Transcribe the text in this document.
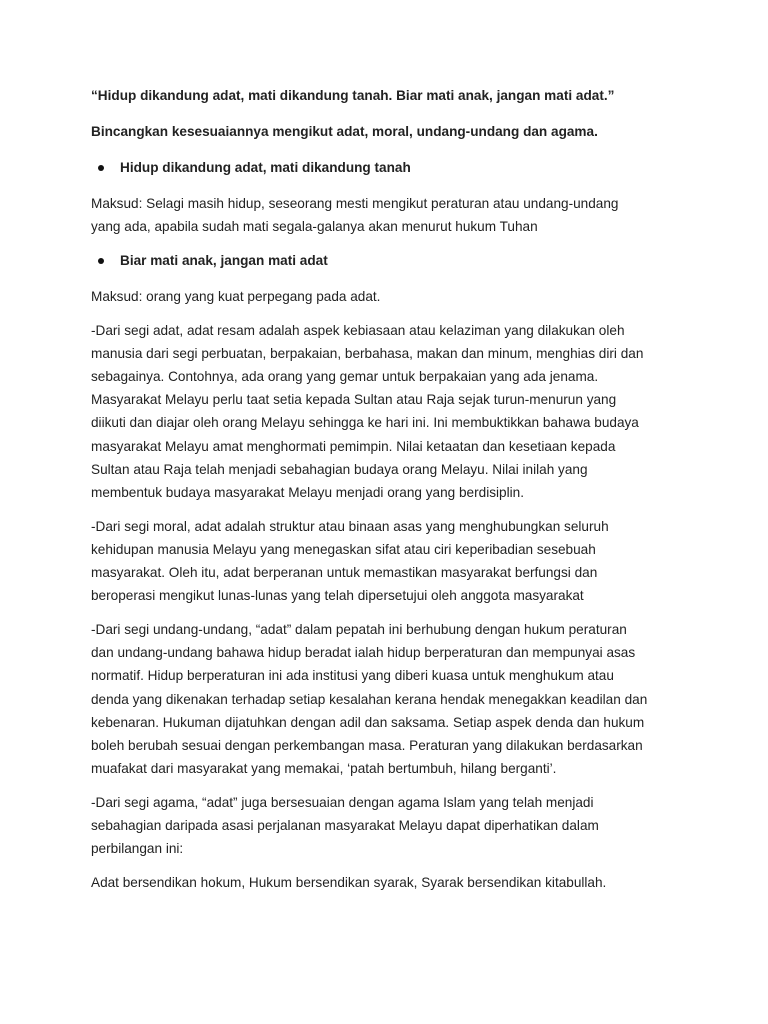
“Hidup dikandung adat, mati dikandung tanah. Biar mati anak, jangan mati adat.”
Bincangkan kesesuaiannya mengikut adat, moral, undang-undang dan agama.
Hidup dikandung adat, mati dikandung tanah
Maksud: Selagi masih hidup, seseorang mesti mengikut peraturan atau undang-undang
yang ada, apabila sudah mati segala-galanya akan menurut hukum Tuhan
Biar mati anak, jangan mati adat
Maksud: orang yang kuat perpegang pada adat.
-Dari segi adat, adat resam adalah aspek kebiasaan atau kelaziman yang dilakukan oleh
manusia dari segi perbuatan, berpakaian, berbahasa, makan dan minum, menghias diri dan
sebagainya. Contohnya, ada orang yang gemar untuk berpakaian yang ada jenama.
Masyarakat Melayu perlu taat setia kepada Sultan atau Raja sejak turun-menurun yang
diikuti dan diajar oleh orang Melayu sehingga ke hari ini. Ini membuktikkan bahawa budaya
masyarakat Melayu amat menghormati pemimpin. Nilai ketaatan dan kesetiaan kepada
Sultan atau Raja telah menjadi sebahagian budaya orang Melayu. Nilai inilah yang
membentuk budaya masyarakat Melayu menjadi orang yang berdisiplin.
-Dari segi moral, adat adalah struktur atau binaan asas yang menghubungkan seluruh
kehidupan manusia Melayu yang menegaskan sifat atau ciri keperibadian sesebuah
masyarakat. Oleh itu, adat berperanan untuk memastikan masyarakat berfungsi dan
beroperasi mengikut lunas-lunas yang telah dipersetujui oleh anggota masyarakat
-Dari segi undang-undang, “adat” dalam pepatah ini berhubung dengan hukum peraturan
dan undang-undang bahawa hidup beradat ialah hidup berperaturan dan mempunyai asas
normatif. Hidup berperaturan ini ada institusi yang diberi kuasa untuk menghukum atau
denda yang dikenakan terhadap setiap kesalahan kerana hendak menegakkan keadilan dan
kebenaran. Hukuman dijatuhkan dengan adil dan saksama. Setiap aspek denda dan hukum
boleh berubah sesuai dengan perkembangan masa. Peraturan yang dilakukan berdasarkan
muafakat dari masyarakat yang memakai, ‘patah bertumbuh, hilang berganti’.
-Dari segi agama, “adat” juga bersesuaian dengan agama Islam yang telah menjadi
sebahagian daripada asasi perjalanan masyarakat Melayu dapat diperhatikan dalam
perbilangan ini:
Adat bersendikan hokum, Hukum bersendikan syarak, Syarak bersendikan kitabullah.
